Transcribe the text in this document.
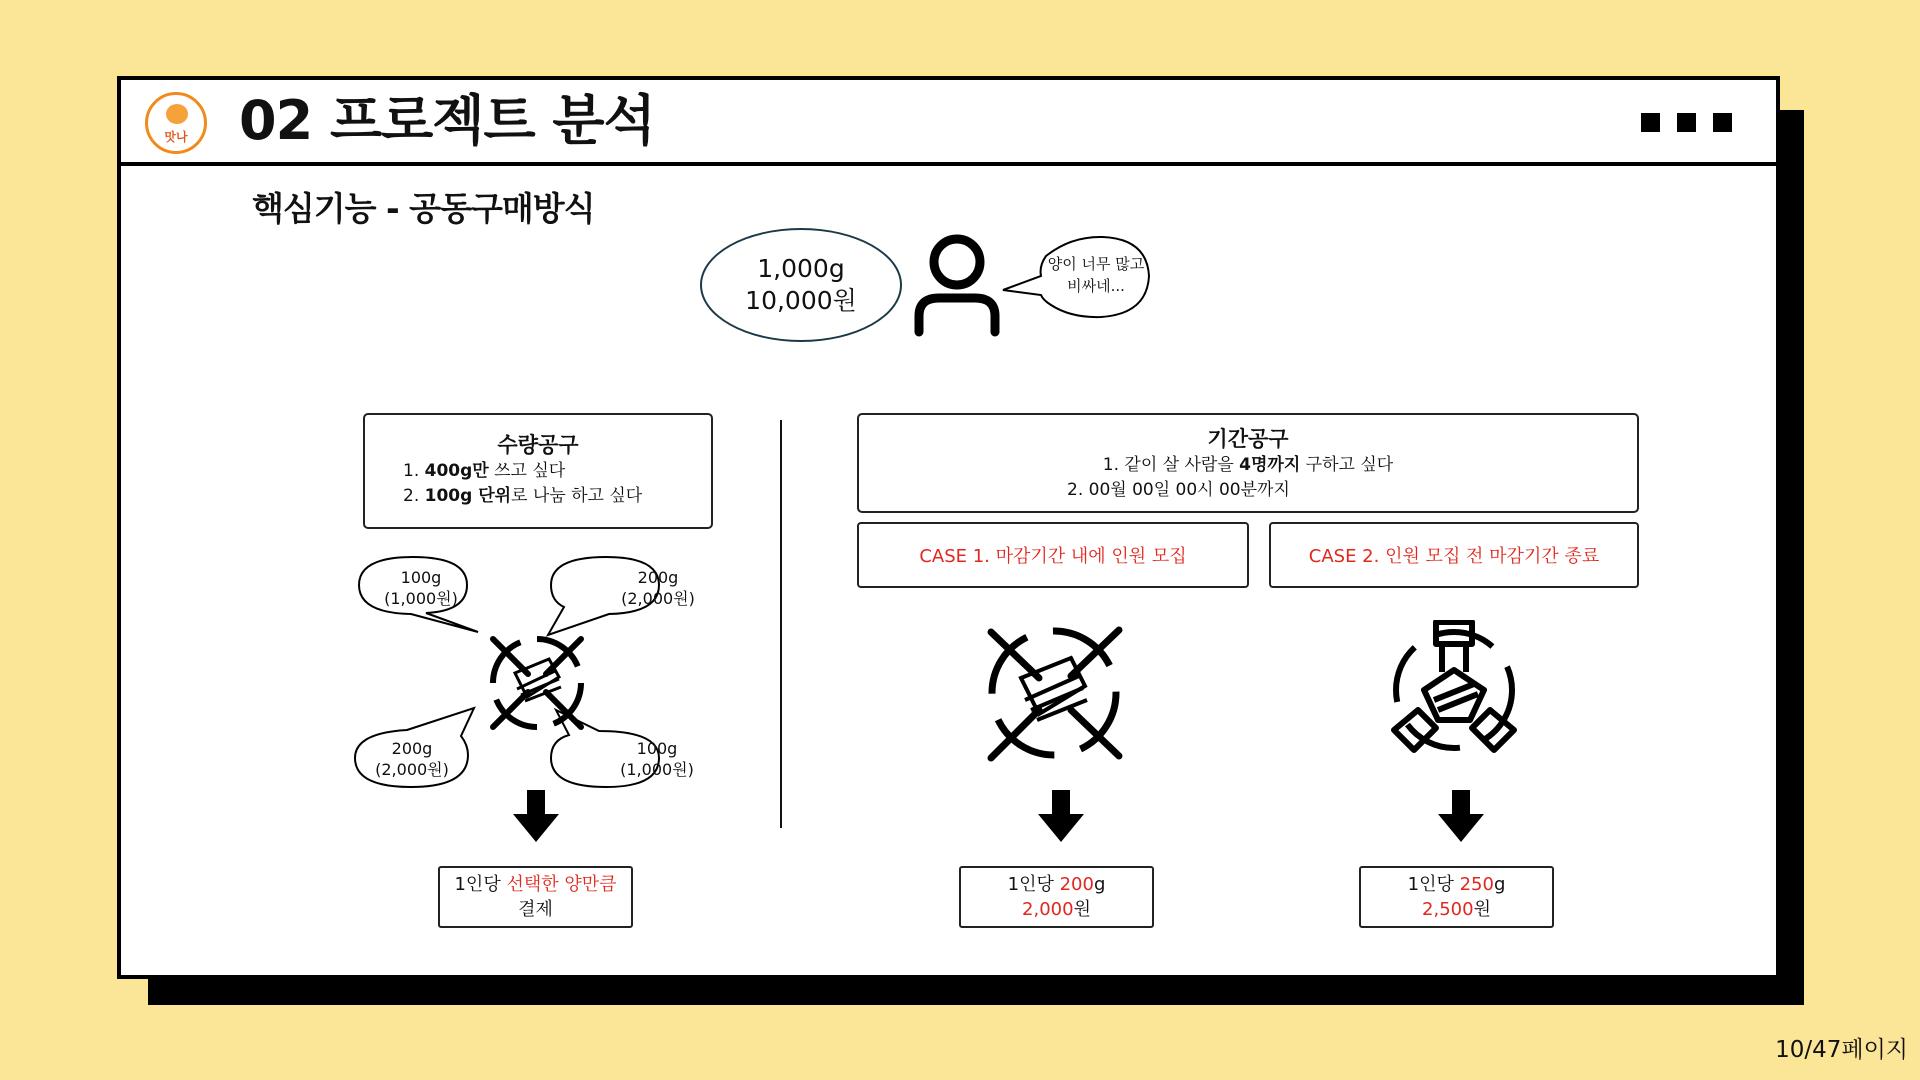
맛나 02 프로젝트 분석
핵심기능 - 공동구매방식
1,000g
10,000원
양이 너무 많고
비싸네...
수량공구
1. 400g만 쓰고 싶다
2. 100g 단위로 나눔 하고 싶다
100g
(1,000원)
200g
(2,000원)
200g
(2,000원)
100g
(1,000원)
1인당 선택한 양만큼
결제
기간공구
1. 같이 살 사람을 4명까지 구하고 싶다
2. 00월 00일 00시 00분까지
CASE 1. 마감기간 내에 인원 모집	CASE 2. 인원 모집 전 마감기간 종료
1인당 200g
2,000원
1인당 250g
2,500원
10/47페이지
